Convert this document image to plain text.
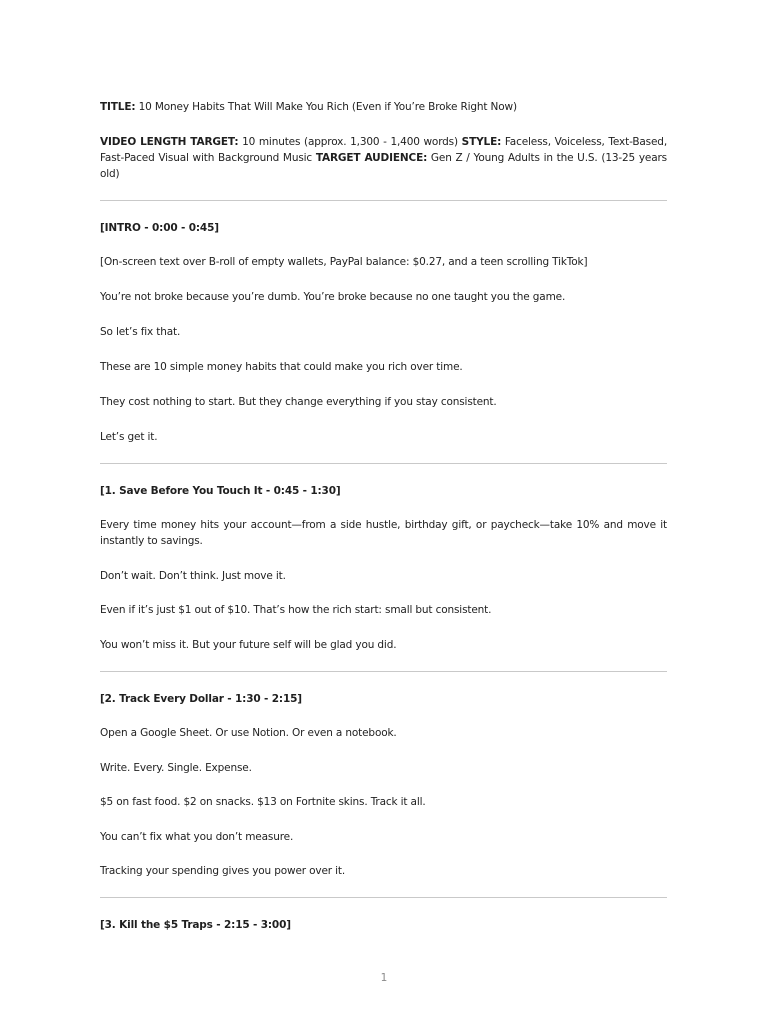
TITLE: 10 Money Habits That Will Make You Rich (Even if You’re Broke Right Now)

VIDEO LENGTH TARGET: 10 minutes (approx. 1,300 - 1,400 words) STYLE: Faceless, Voiceless, Text-Based, Fast-Paced Visual with Background Music TARGET AUDIENCE: Gen Z / Young Adults in the U.S. (13-25 years old)

[INTRO - 0:00 - 0:45]

[On-screen text over B-roll of empty wallets, PayPal balance: $0.27, and a teen scrolling TikTok]

You’re not broke because you’re dumb. You’re broke because no one taught you the game.

So let’s fix that.

These are 10 simple money habits that could make you rich over time.

They cost nothing to start. But they change everything if you stay consistent.

Let’s get it.

[1. Save Before You Touch It - 0:45 - 1:30]

Every time money hits your account—from a side hustle, birthday gift, or paycheck—take 10% and move it instantly to savings.

Don’t wait. Don’t think. Just move it.

Even if it’s just $1 out of $10. That’s how the rich start: small but consistent.

You won’t miss it. But your future self will be glad you did.

[2. Track Every Dollar - 1:30 - 2:15]

Open a Google Sheet. Or use Notion. Or even a notebook.

Write. Every. Single. Expense.

$5 on fast food. $2 on snacks. $13 on Fortnite skins. Track it all.

You can’t fix what you don’t measure.

Tracking your spending gives you power over it.

[3. Kill the $5 Traps - 2:15 - 3:00]

1
